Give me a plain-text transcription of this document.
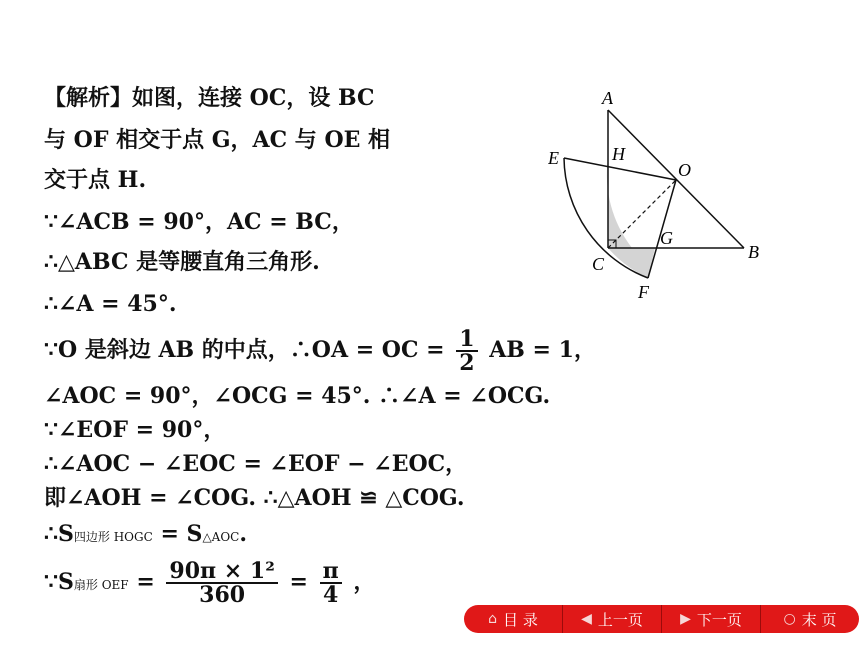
【解析】如图，连接 OC，设 BC
与 OF 相交于点 G，AC 与 OE 相
交于点 H.
∵∠ACB = 90°，AC = BC，
∴△ABC 是等腰直角三角形.
∴∠A = 45°.
∵O 是斜边 AB 的中点，∴OA = OC = $\frac{1}{2}$ AB = 1，
∠AOC = 90°，∠OCG = 45°. ∴∠A = ∠OCG.
∵∠EOF = 90°，
∴∠AOC − ∠EOC = ∠EOF − ∠EOC，
即∠AOH = ∠COG. ∴△AOH ≌ △COG.
∴S四边形 HOGC = S△AOC.
∵S扇形 OEF = $\frac{\text{90π × 1²}}{360} = \frac{\pi}{4}$ ，
A
E	H
O
G
B
C
F
⌂ 目 录	◀ 上一页	▶ 下一页	○ 末 页
